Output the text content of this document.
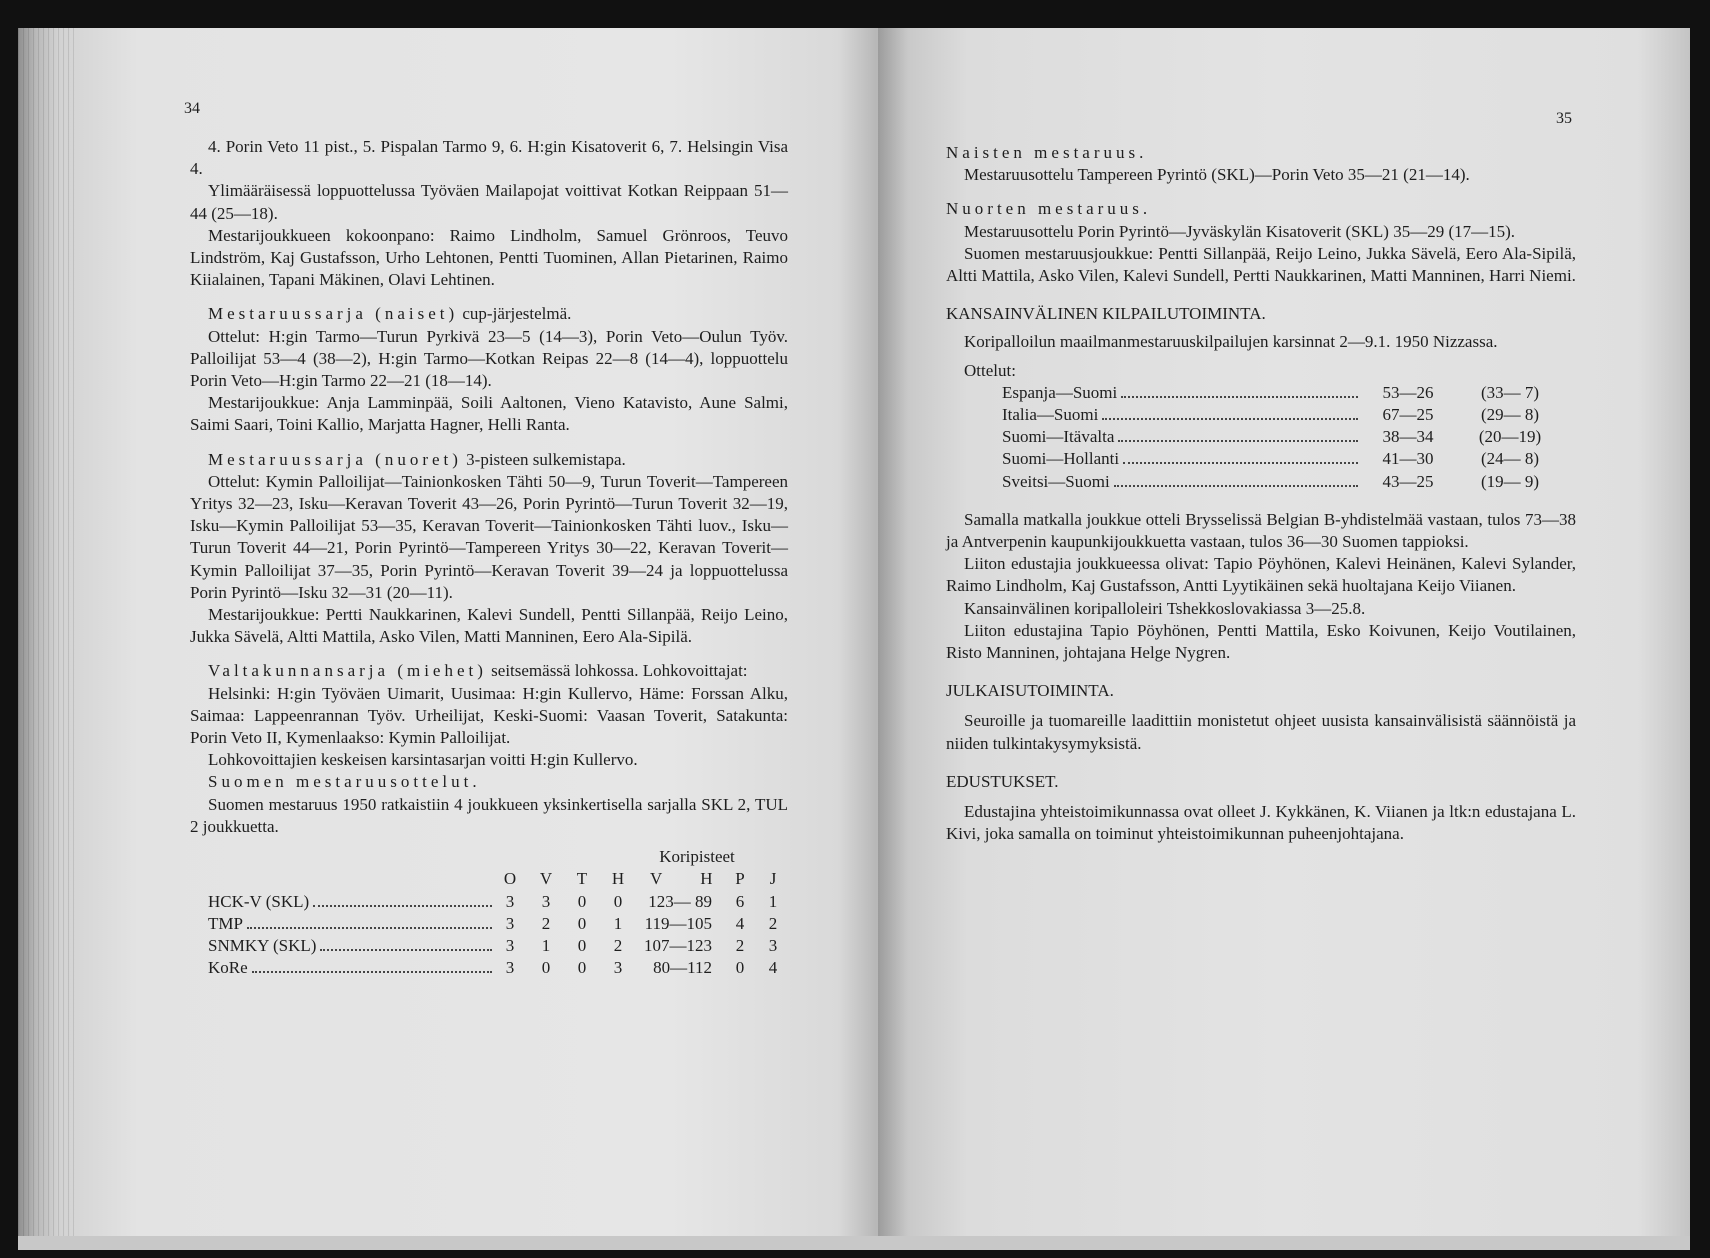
34

4. Porin Veto 11 pist., 5. Pispalan Tarmo 9, 6. H:gin Kisatoverit 6, 7. Helsingin Visa 4.

Ylimääräisessä loppuottelussa Työväen Mailapojat voittivat Kotkan Reippaan 51—44 (25—18).

Mestarijoukkueen kokoonpano: Raimo Lindholm, Samuel Grönroos, Teuvo Lindström, Kaj Gustafsson, Urho Lehtonen, Pentti Tuominen, Allan Pietarinen, Raimo Kiialainen, Tapani Mäkinen, Olavi Lehtinen.

Mestaruussarja (naiset) cup-järjestelmä.

Ottelut: H:gin Tarmo—Turun Pyrkivä 23—5 (14—3), Porin Veto—Oulun Työv. Palloilijat 53—4 (38—2), H:gin Tarmo—Kotkan Reipas 22—8 (14—4), loppuottelu Porin Veto—H:gin Tarmo 22—21 (18—14).

Mestarijoukkue: Anja Lamminpää, Soili Aaltonen, Vieno Katavisto, Aune Salmi, Saimi Saari, Toini Kallio, Marjatta Hagner, Helli Ranta.

Mestaruussarja (nuoret) 3-pisteen sulkemistapa.

Ottelut: Kymin Palloilijat—Tainionkosken Tähti 50—9, Turun Toverit—Tampereen Yritys 32—23, Isku—Keravan Toverit 43—26, Porin Pyrintö—Turun Toverit 32—19, Isku—Kymin Palloilijat 53—35, Keravan Toverit—Tainionkosken Tähti luov., Isku—Turun Toverit 44—21, Porin Pyrintö—Tampereen Yritys 30—22, Keravan Toverit—Kymin Palloilijat 37—35, Porin Pyrintö—Keravan Toverit 39—24 ja loppuottelussa Porin Pyrintö—Isku 32—31 (20—11).

Mestarijoukkue: Pertti Naukkarinen, Kalevi Sundell, Pentti Sillanpää, Reijo Leino, Jukka Sävelä, Altti Mattila, Asko Vilen, Matti Manninen, Eero Ala-Sipilä.

Valtakunnansarja (miehet) seitsemässä lohkossa. Lohkovoittajat:

Helsinki: H:gin Työväen Uimarit, Uusimaa: H:gin Kullervo, Häme: Forssan Alku, Saimaa: Lappeenrannan Työv. Urheilijat, Keski-Suomi: Vaasan Toverit, Satakunta: Porin Veto II, Kymenlaakso: Kymin Palloilijat.

Lohkovoittajien keskeisen karsintasarjan voitti H:gin Kullervo.

Suomen mestaruusottelut.

Suomen mestaruus 1950 ratkaistiin 4 joukkueen yksinkertisella sarjalla SKL 2, TUL 2 joukkuetta.

					Koripisteet		
	O	V	T	H	V H	P	J

HCK-V (SKL)	3	3	0	0	123— 89	6	1

TMP	3	2	0	1	119—105	4	2

SNMKY (SKL)	3	1	0	2	107—123	2	3

KoRe	3	0	0	3	80—112	0	4
35

Naisten mestaruus.

Mestaruusottelu Tampereen Pyrintö (SKL)—Porin Veto 35—21 (21—14).

Nuorten mestaruus.

Mestaruusottelu Porin Pyrintö—Jyväskylän Kisatoverit (SKL) 35—29 (17—15).

Suomen mestaruusjoukkue: Pentti Sillanpää, Reijo Leino, Jukka Sävelä, Eero Ala-Sipilä, Altti Mattila, Asko Vilen, Kalevi Sundell, Pertti Naukkarinen, Matti Manninen, Harri Niemi.

KANSAINVÄLINEN KILPAILUTOIMINTA.

Koripalloilun maailmanmestaruuskilpailujen karsinnat 2—9.1. 1950 Nizzassa.

Ottelut:

Espanja—Suomi	53—26	(33— 7)

Italia—Suomi	67—25	(29— 8)

Suomi—Itävalta	38—34	(20—19)

Suomi—Hollanti	41—30	(24— 8)

Sveitsi—Suomi	43—25	(19— 9)

Samalla matkalla joukkue otteli Brysselissä Belgian B-yhdistelmää vastaan, tulos 73—38 ja Antverpenin kaupunkijoukkuetta vastaan, tulos 36—30 Suomen tappioksi.

Liiton edustajia joukkueessa olivat: Tapio Pöyhönen, Kalevi Heinänen, Kalevi Sylander, Raimo Lindholm, Kaj Gustafsson, Antti Lyytikäinen sekä huoltajana Keijo Viianen.

Kansainvälinen koripalloleiri Tshekkoslovakiassa 3—25.8.

Liiton edustajina Tapio Pöyhönen, Pentti Mattila, Esko Koivunen, Keijo Voutilainen, Risto Manninen, johtajana Helge Nygren.

JULKAISUTOIMINTA.

Seuroille ja tuomareille laadittiin monistetut ohjeet uusista kansainvälisistä säännöistä ja niiden tulkintakysymyksistä.

EDUSTUKSET.

Edustajina yhteistoimikunnassa ovat olleet J. Kykkänen, K. Viianen ja ltk:n edustajana L. Kivi, joka samalla on toiminut yhteistoimikunnan puheenjohtajana.
